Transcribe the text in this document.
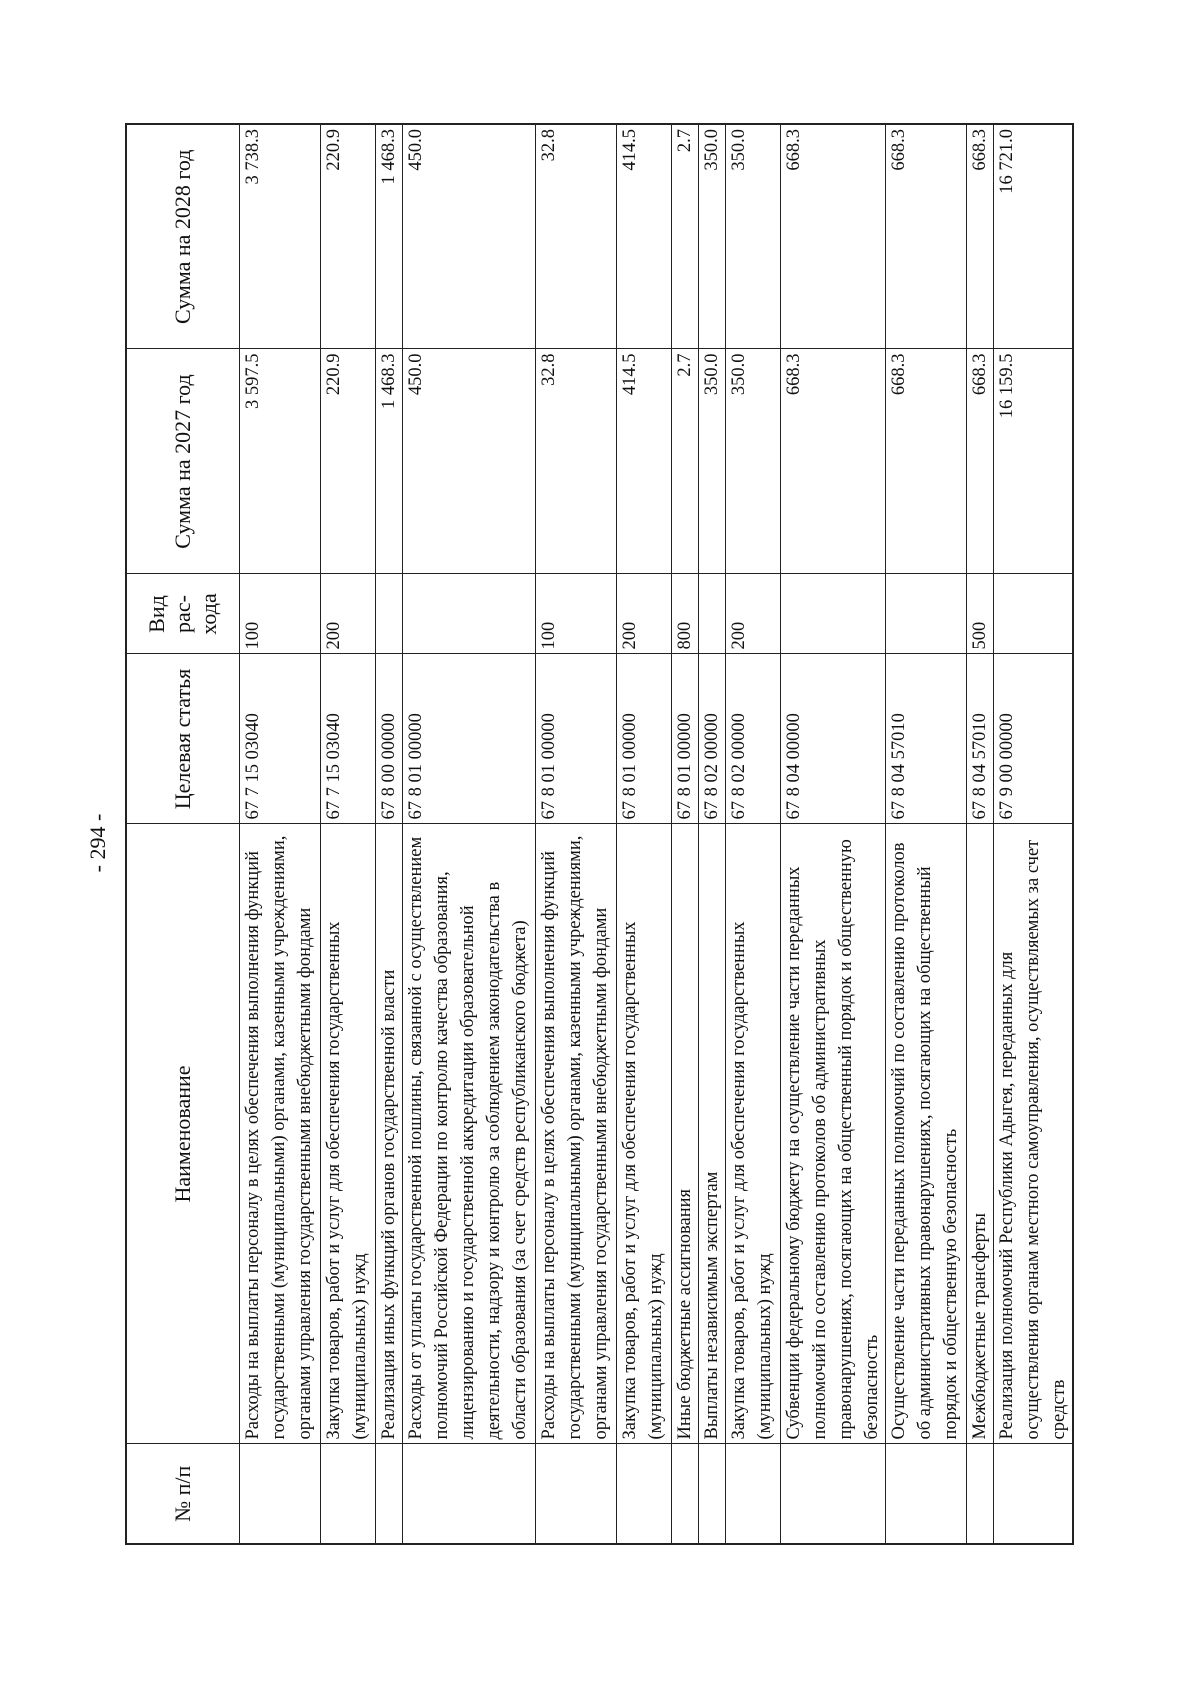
- 294 -
№ п/п	Наименование	Целевая статья	Вид рас- хода	Сумма на 2027 год	Сумма на 2028 год
	Расходы на выплаты персоналу в целях обеспечения выполнения функций государственными (муниципальными) органами, казенными учреждениями, органами управления государственными внебюджетными фондами	67 7 15 03040	100	3 597.5	3 738.3
	Закупка товаров, работ и услуг для обеспечения государственных (муниципальных) нужд	67 7 15 03040	200	220.9	220.9
	Реализация иных функций органов государственной власти	67 8 00 00000		1 468.3	1 468.3
	Расходы от уплаты государственной пошлины, связанной с осуществлением полномочий Российской Федерации по контролю качества образования, лицензированию и государственной аккредитации образовательной деятельности, надзору и контролю за соблюдением законодательства в области образования (за счет средств республиканского бюджета)	67 8 01 00000		450.0	450.0
	Расходы на выплаты персоналу в целях обеспечения выполнения функций государственными (муниципальными) органами, казенными учреждениями, органами управления государственными внебюджетными фондами	67 8 01 00000	100	32.8	32.8
	Закупка товаров, работ и услуг для обеспечения государственных (муниципальных) нужд	67 8 01 00000	200	414.5	414.5
	Иные бюджетные ассигнования	67 8 01 00000	800	2.7	2.7
	Выплаты независимым экспертам	67 8 02 00000		350.0	350.0
	Закупка товаров, работ и услуг для обеспечения государственных (муниципальных) нужд	67 8 02 00000	200	350.0	350.0
	Субвенции федеральному бюджету на осуществление части переданных полномочий по составлению протоколов об административных правонарушениях, посягающих на общественный порядок и общественную безопасность	67 8 04 00000		668.3	668.3
	Осуществление части переданных полномочий по составлению протоколов об административных правонарушениях, посягающих на общественный порядок и общественную безопасность	67 8 04 57010		668.3	668.3
	Межбюджетные трансферты	67 8 04 57010	500	668.3	668.3
	Реализация полномочий Республики Адыгея, переданных для осуществления органам местного самоуправления, осуществляемых за счет средств	67 9 00 00000		16 159.5	16 721.0
